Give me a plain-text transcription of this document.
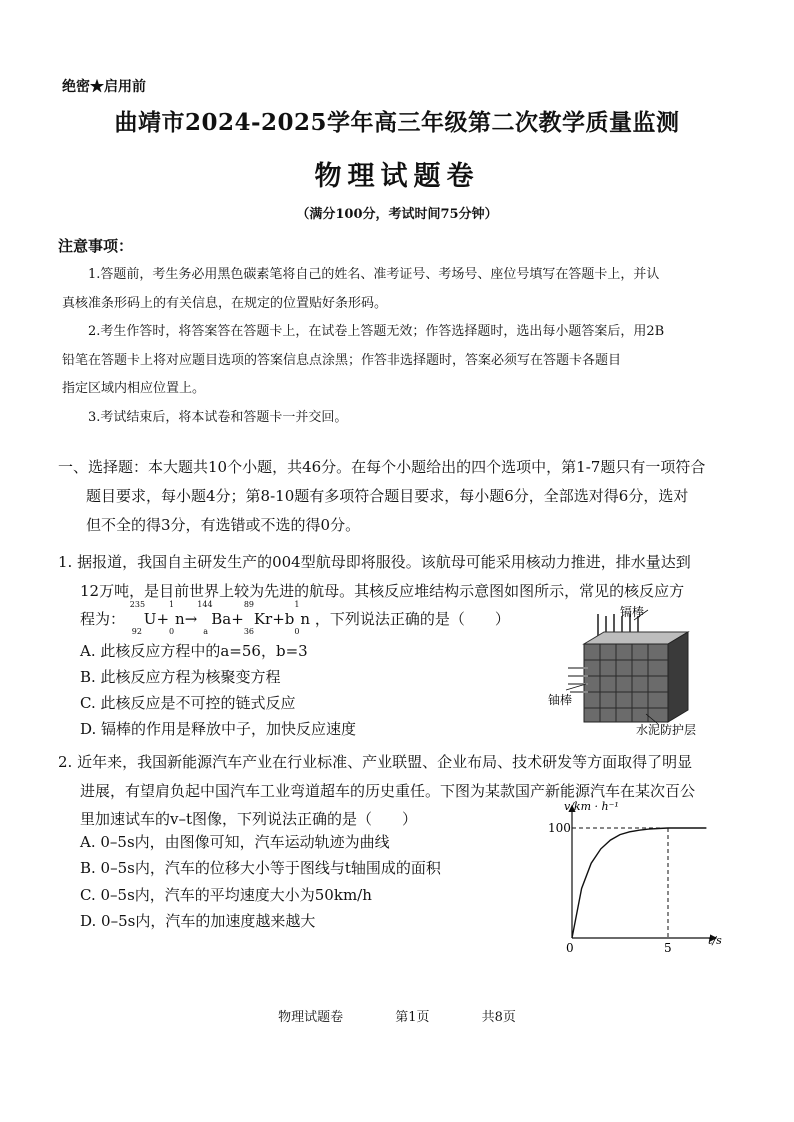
绝密★启用前
曲靖市2024-2025学年高三年级第二次教学质量监测
物理试题卷
（满分100分，考试时间75分钟）
注意事项：
1.答题前，考生务必用黑色碳素笔将自己的姓名、准考证号、考场号、座位号填写在答题卡上，并认
真核准条形码上的有关信息，在规定的位置贴好条形码。
2.考生作答时，将答案答在答题卡上，在试卷上答题无效；作答选择题时，选出每小题答案后，用2B
铅笔在答题卡上将对应题目选项的答案信息点涂黑；作答非选择题时，答案必须写在答题卡各题目
指定区域内相应位置上。
3.考试结束后，将本试卷和答题卡一并交回。
一、选择题：本大题共10个小题，共46分。在每个小题给出的四个选项中，第1-7题只有一项符合
题目要求，每小题4分；第8-10题有多项符合题目要求，每小题6分，全部选对得6分，选对
但不全的得3分，有选错或不选的得0分。
1. 据报道，我国自主研发生产的004型航母即将服役。该航母可能采用核动力推进，排水量达到
12万吨，是目前世界上较为先进的航母。其核反应堆结构示意图如图所示，常见的核反应方
程为：
235
92
U+
1
0
n→
144
a
Ba+
89
36
Kr+b
1
0
n ，下列说法正确的是（　　）
A. 此核反应方程中的a=56，b=3
B. 此核反应方程为核聚变方程
C. 此核反应是不可控的链式反应
D. 镉棒的作用是释放中子，加快反应速度
镉棒
铀棒
水泥防护层
2. 近年来，我国新能源汽车产业在行业标准、产业联盟、企业布局、技术研发等方面取得了明显
进展，有望肩负起中国汽车工业弯道超车的历史重任。下图为某款国产新能源汽车在某次百公
里加速试车的v–t图像，下列说法正确的是（　　）
A. 0–5s内，由图像可知，汽车运动轨迹为曲线
B. 0–5s内，汽车的位移大小等于图线与t轴围成的面积
C. 0–5s内，汽车的平均速度大小为50km/h
D. 0–5s内，汽车的加速度越来越大
100
5
0
v/km · h⁻¹
t/s
物理试题卷	第1页	共8页
